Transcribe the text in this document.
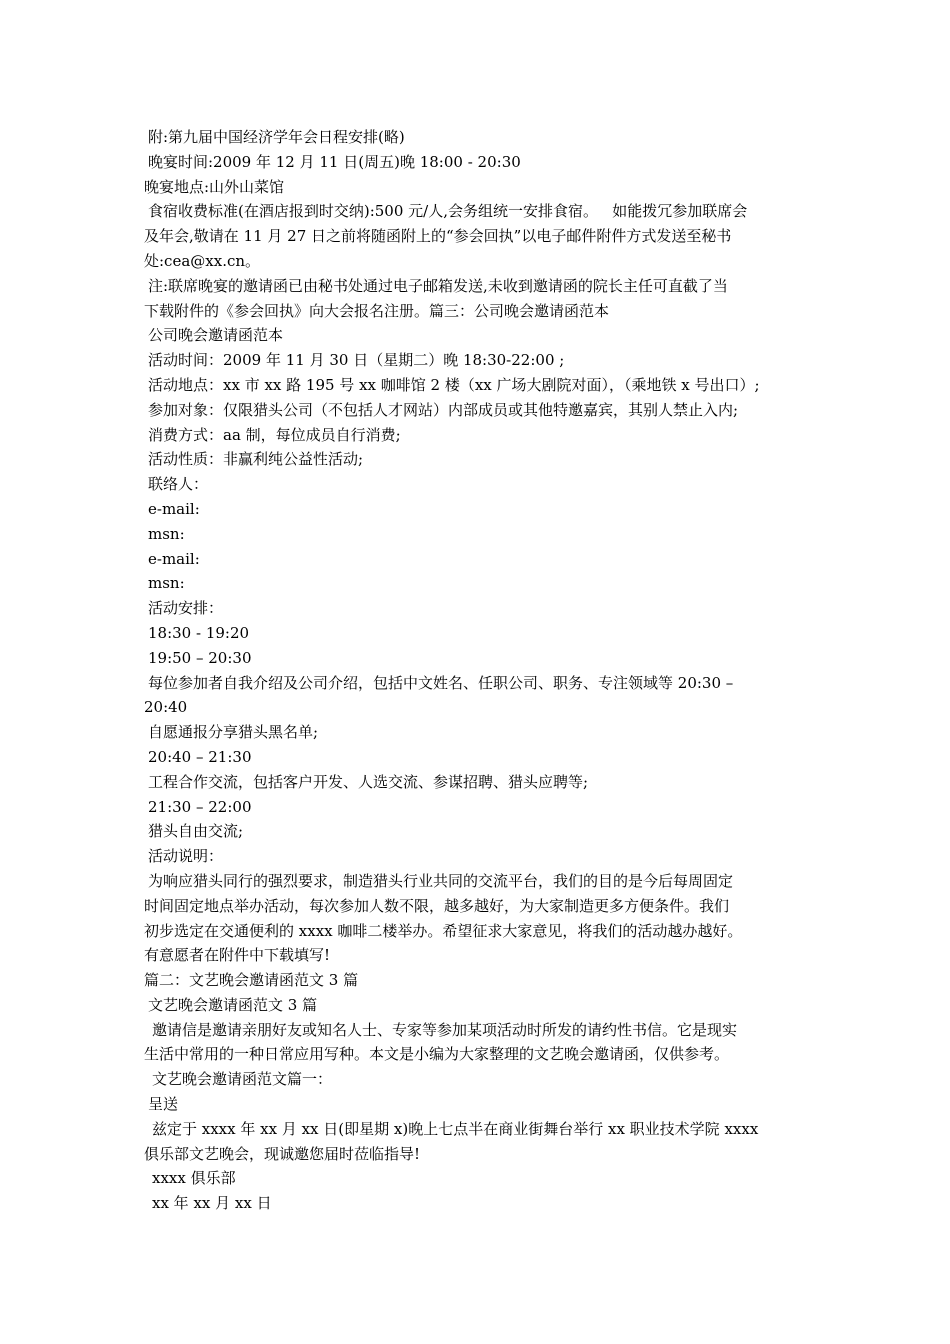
附:第九届中国经济学年会日程安排(略)
晚宴时间:2009 年 12 月 11 日(周五)晚 18:00 - 20:30
晚宴地点:山外山菜馆
食宿收费标准(在酒店报到时交纳):500 元/人,会务组统一安排食宿。   如能拨冗参加联席会
及年会,敬请在 11 月 27 日之前将随函附上的“参会回执”以电子邮件附件方式发送至秘书
处:cea@xx.cn。
注:联席晚宴的邀请函已由秘书处通过电子邮箱发送,未收到邀请函的院长主任可直截了当
下载附件的《参会回执》向大会报名注册。篇三：公司晚会邀请函范本
公司晚会邀请函范本
活动时间：2009 年 11 月 30 日（星期二）晚 18:30-22:00 ;
活动地点：xx 市 xx 路 195 号 xx 咖啡馆 2 楼（xx 广场大剧院对面），（乘地铁 x 号出口）;
参加对象：仅限猎头公司（不包括人才网站）内部成员或其他特邀嘉宾，其别人禁止入内;
消费方式：aa 制，每位成员自行消费;
活动性质：非赢利纯公益性活动;
联络人：
e-mail:
msn:
e-mail:
msn:
活动安排：
18:30 - 19:20
19:50 – 20:30
每位参加者自我介绍及公司介绍，包括中文姓名、任职公司、职务、专注领域等 20:30 –
20:40
自愿通报分享猎头黑名单;
20:40 – 21:30
工程合作交流，包括客户开发、人选交流、参谋招聘、猎头应聘等;
21:30 – 22:00
猎头自由交流;
活动说明：
为响应猎头同行的强烈要求，制造猎头行业共同的交流平台，我们的目的是今后每周固定
时间固定地点举办活动，每次参加人数不限，越多越好，为大家制造更多方便条件。我们
初步选定在交通便利的 xxxx 咖啡二楼举办。希望征求大家意见，将我们的活动越办越好。
有意愿者在附件中下载填写!
篇二：文艺晚会邀请函范文 3 篇
文艺晚会邀请函范文 3 篇
邀请信是邀请亲朋好友或知名人士、专家等参加某项活动时所发的请约性书信。它是现实
生活中常用的一种日常应用写种。本文是小编为大家整理的文艺晚会邀请函，仅供参考。
文艺晚会邀请函范文篇一：
呈送
兹定于 xxxx 年 xx 月 xx 日(即星期 x)晚上七点半在商业街舞台举行 xx 职业技术学院 xxxx
俱乐部文艺晚会，现诚邀您届时莅临指导!
xxxx 俱乐部
xx 年 xx 月 xx 日
